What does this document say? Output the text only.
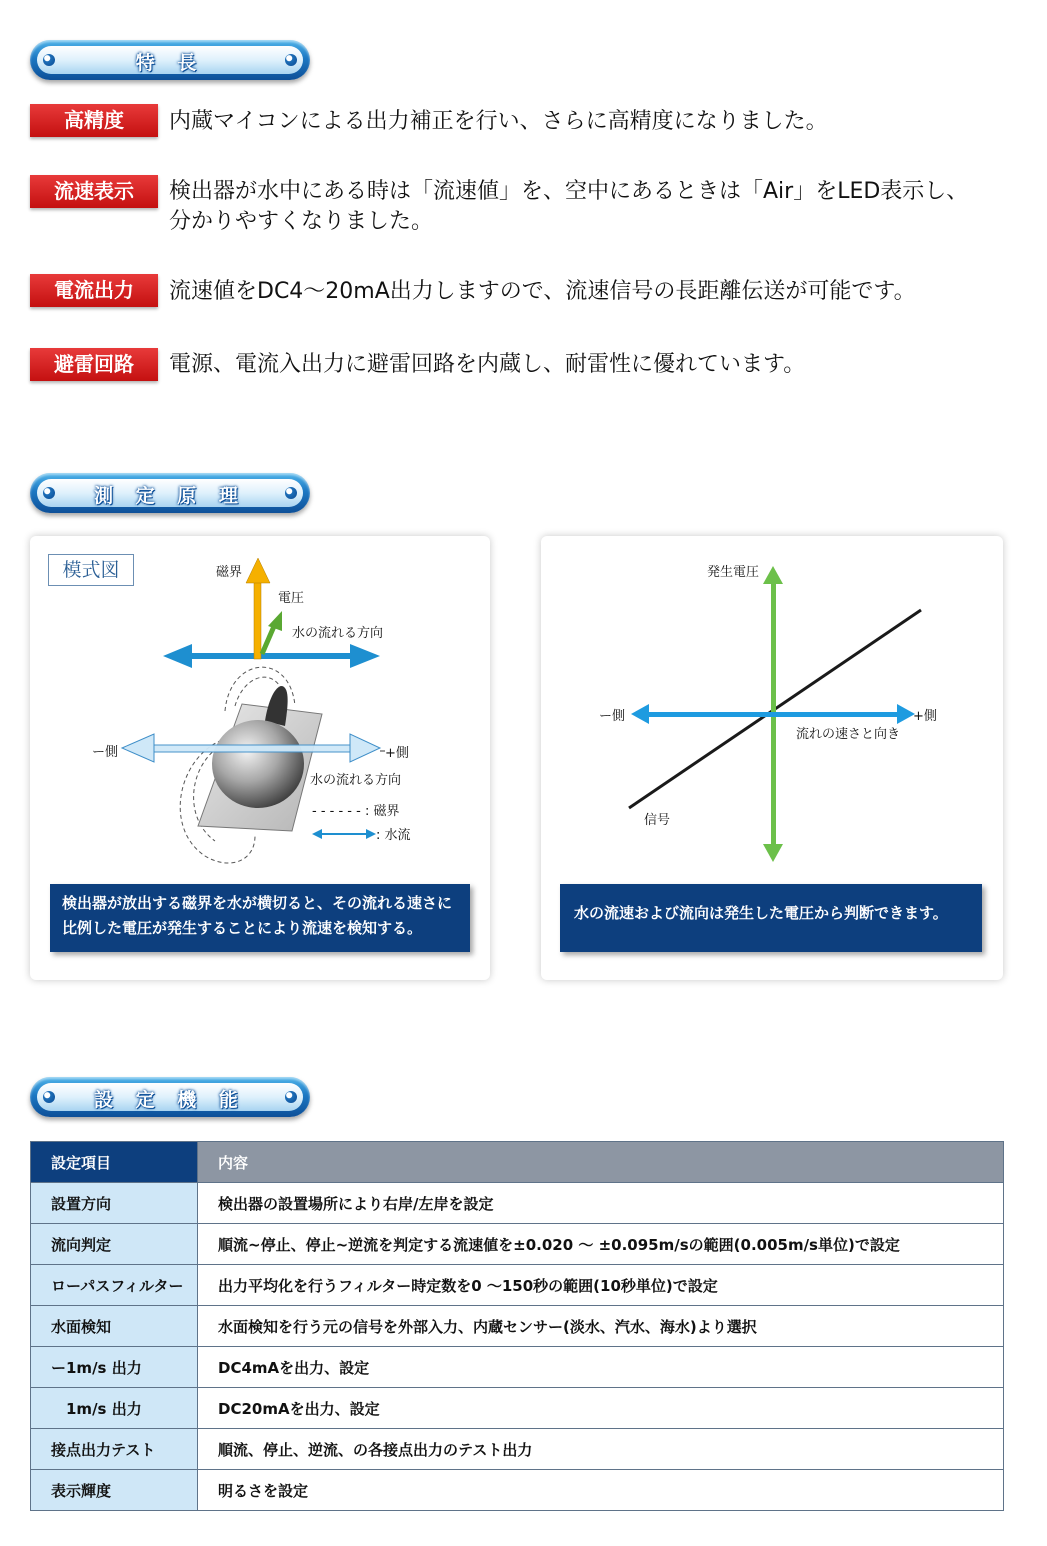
特 長
高精度	内蔵マイコンによる出力補正を行い、さらに高精度になりました。
流速表示	検出器が水中にある時は「流速値」を、空中にあるときは「Air」をLED表示し、
分かりやすくなりました。
電流出力	流速値をDC4～20mA出力しますので、流速信号の長距離伝送が可能です。
避雷回路	電源、電流入出力に避雷回路を内蔵し、耐雷性に優れています。
測 定 原 理
模式図	磁界
電圧
水の流れる方向
ー側	+側
水の流れる方向
- - - - - - : 磁界
: 水流
検出器が放出する磁界を水が横切ると、その流れる速さに比例した電圧が発生することにより流速を検知する。
発生電圧
ー側	+側
流れの速さと向き
信号
水の流速および流向は発生した電圧から判断できます。
設 定 機 能
設定項目	内容
設置方向	検出器の設置場所により右岸/左岸を設定
流向判定	順流~停止、停止~逆流を判定する流速値を±0.020 ～ ±0.095m/sの範囲(0.005m/s単位)で設定
ローパスフィルター	出力平均化を行うフィルター時定数を0 ～150秒の範囲(10秒単位)で設定
水面検知	水面検知を行う元の信号を外部入力、内蔵センサー(淡水、汽水、海水)より選択
ー1m/s 出力	DC4mAを出力、設定
　1m/s 出力	DC20mAを出力、設定
接点出力テスト	順流、停止、逆流、の各接点出力のテスト出力
表示輝度	明るさを設定
